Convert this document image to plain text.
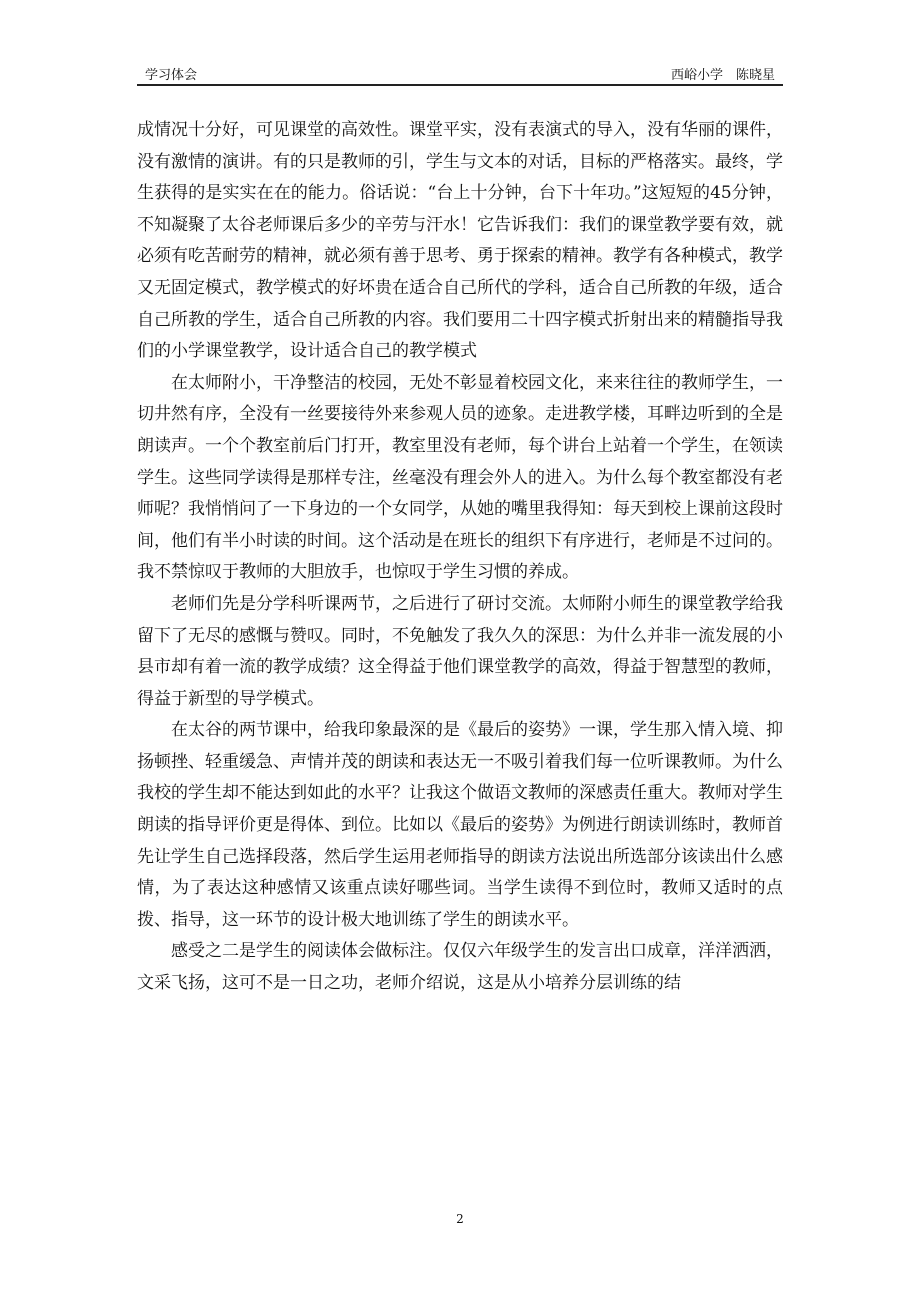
学习体会	西峪小学　陈晓星

成情况十分好，可见课堂的高效性。课堂平实，没有表演式的导入，没有华丽的课件，没有激情的演讲。有的只是教师的引，学生与文本的对话，目标的严格落实。最终，学生获得的是实实在在的能力。俗话说：“台上十分钟，台下十年功。”这短短的45分钟，不知凝聚了太谷老师课后多少的辛劳与汗水！它告诉我们：我们的课堂教学要有效，就必须有吃苦耐劳的精神，就必须有善于思考、勇于探索的精神。教学有各种模式，教学又无固定模式，教学模式的好坏贵在适合自己所代的学科，适合自己所教的年级，适合自己所教的学生，适合自己所教的内容。我们要用二十四字模式折射出来的精髓指导我们的小学课堂教学，设计适合自己的教学模式

在太师附小，干净整洁的校园，无处不彰显着校园文化，来来往往的教师学生，一切井然有序，全没有一丝要接待外来参观人员的迹象。走进教学楼，耳畔边听到的全是朗读声。一个个教室前后门打开，教室里没有老师，每个讲台上站着一个学生，在领读学生。这些同学读得是那样专注，丝毫没有理会外人的进入。为什么每个教室都没有老师呢？我悄悄问了一下身边的一个女同学，从她的嘴里我得知：每天到校上课前这段时间，他们有半小时读的时间。这个活动是在班长的组织下有序进行，老师是不过问的。我不禁惊叹于教师的大胆放手，也惊叹于学生习惯的养成。

老师们先是分学科听课两节，之后进行了研讨交流。太师附小师生的课堂教学给我留下了无尽的感慨与赞叹。同时，不免触发了我久久的深思：为什么并非一流发展的小县市却有着一流的教学成绩？这全得益于他们课堂教学的高效，得益于智慧型的教师，得益于新型的导学模式。

在太谷的两节课中，给我印象最深的是《最后的姿势》一课，学生那入情入境、抑扬顿挫、轻重缓急、声情并茂的朗读和表达无一不吸引着我们每一位听课教师。为什么我校的学生却不能达到如此的水平？让我这个做语文教师的深感责任重大。教师对学生朗读的指导评价更是得体、到位。比如以《最后的姿势》为例进行朗读训练时，教师首先让学生自己选择段落，然后学生运用老师指导的朗读方法说出所选部分该读出什么感情，为了表达这种感情又该重点读好哪些词。当学生读得不到位时，教师又适时的点拨、指导，这一环节的设计极大地训练了学生的朗读水平。

感受之二是学生的阅读体会做标注。仅仅六年级学生的发言出口成章，洋洋洒洒，文采飞扬，这可不是一日之功，老师介绍说，这是从小培养分层训练的结

2
